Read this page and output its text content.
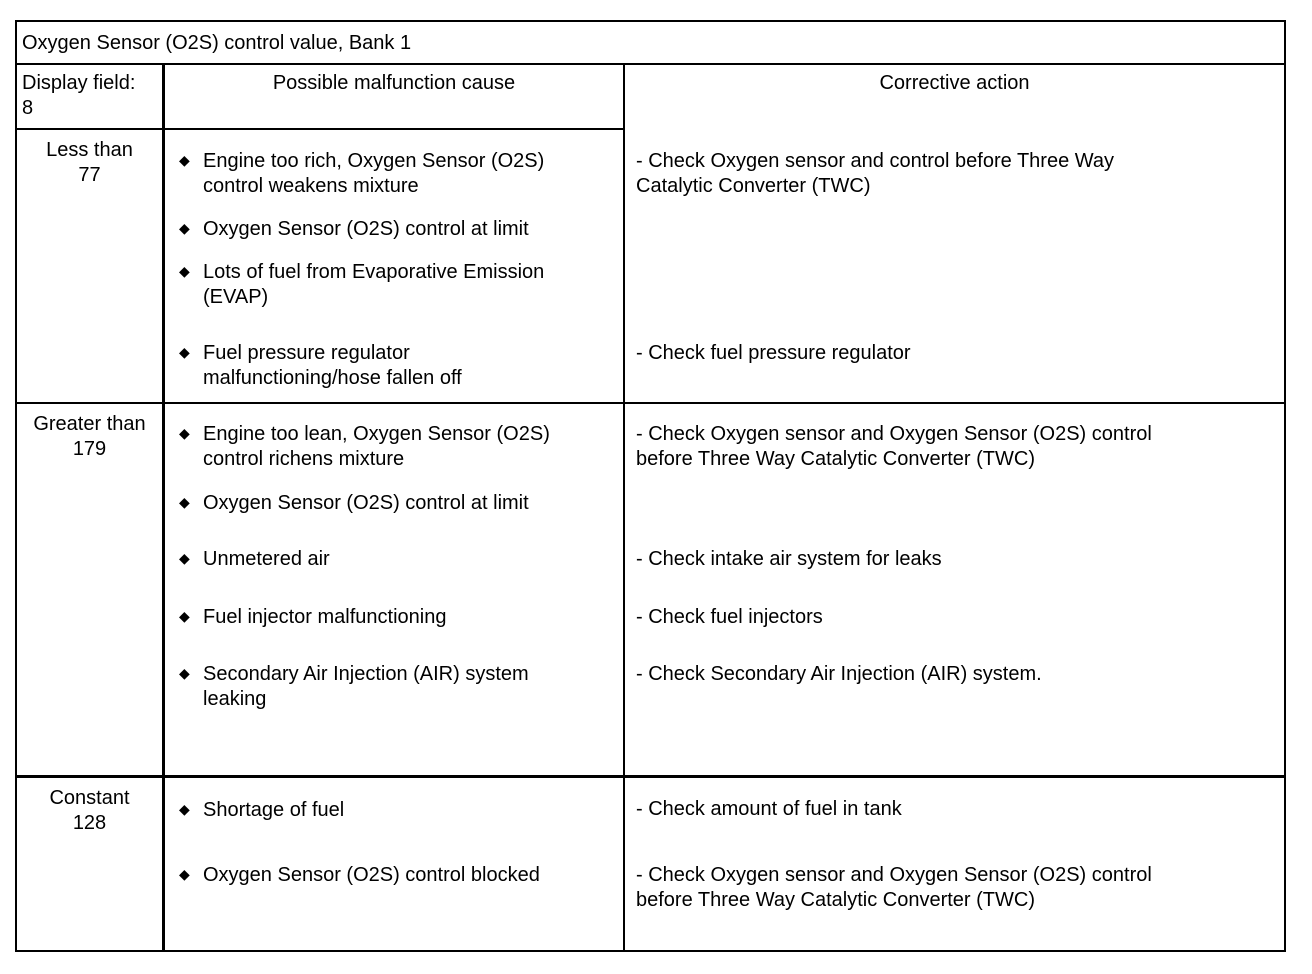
Oxygen Sensor (O2S) control value, Bank 1
Display field:
8
Possible malfunction cause	Corrective action
Less than
77
◆ Engine too rich, Oxygen Sensor (O2S)
control weakens mixture
◆ Oxygen Sensor (O2S) control at limit
◆ Lots of fuel from Evaporative Emission
(EVAP)
◆ Fuel pressure regulator
malfunctioning/hose fallen off
- Check Oxygen sensor and control before Three Way
Catalytic Converter (TWC)
- Check fuel pressure regulator
Greater than
179
◆ Engine too lean, Oxygen Sensor (O2S)
control richens mixture
◆ Oxygen Sensor (O2S) control at limit
◆ Unmetered air
◆ Fuel injector malfunctioning
◆ Secondary Air Injection (AIR) system
leaking
- Check Oxygen sensor and Oxygen Sensor (O2S) control
before Three Way Catalytic Converter (TWC)
- Check intake air system for leaks
- Check fuel injectors
- Check Secondary Air Injection (AIR) system.
Constant
128
◆ Shortage of fuel
◆ Oxygen Sensor (O2S) control blocked
- Check amount of fuel in tank
- Check Oxygen sensor and Oxygen Sensor (O2S) control
before Three Way Catalytic Converter (TWC)
